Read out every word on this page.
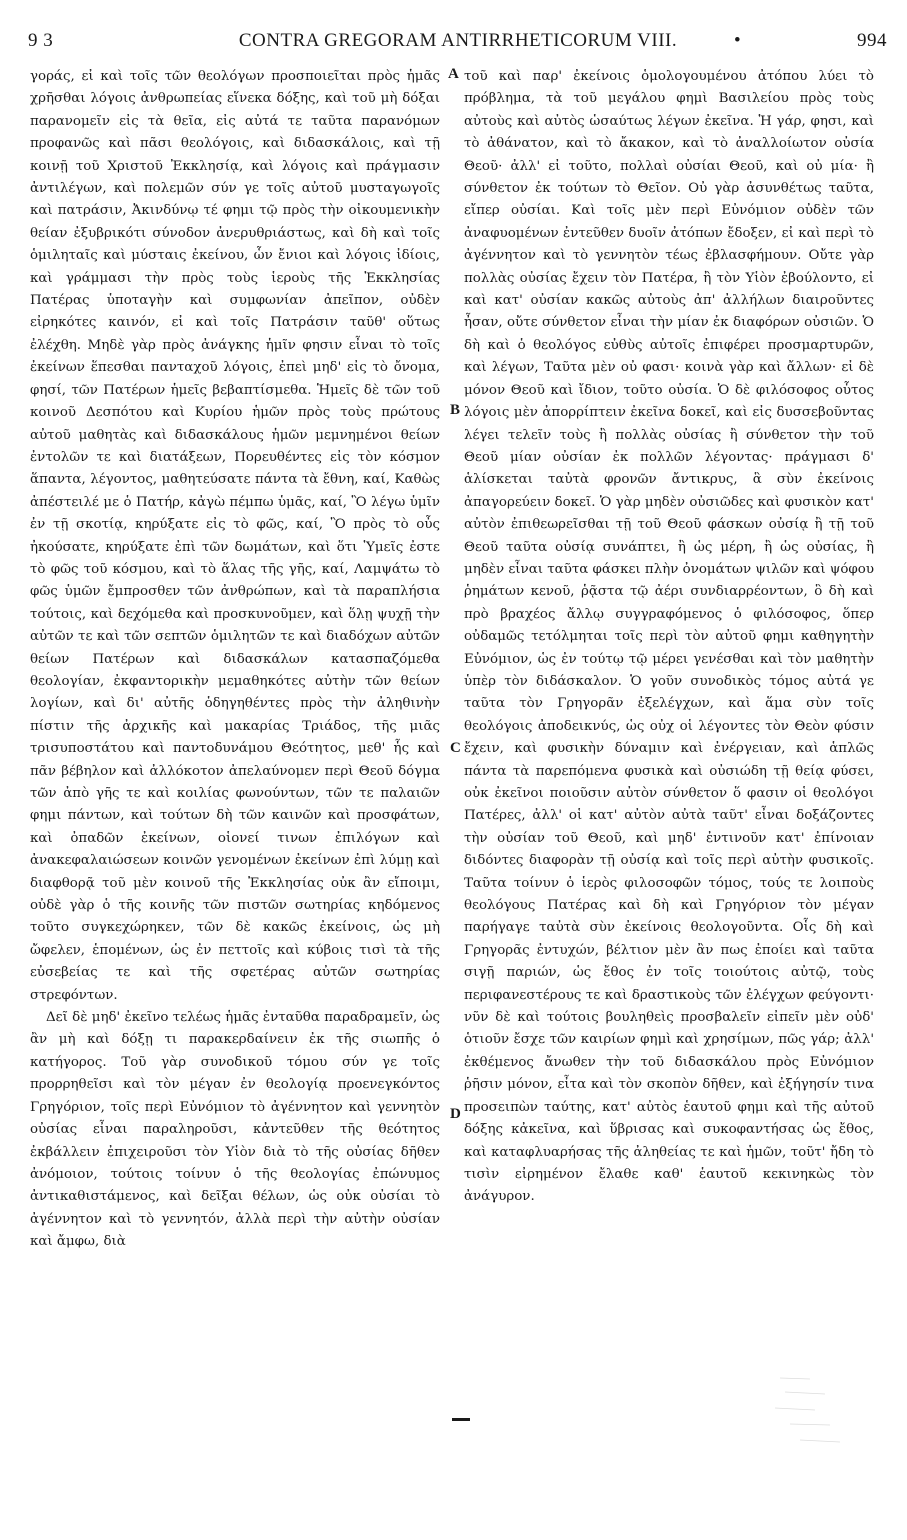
9 3	CONTRA GREGORAM ANTIRRHETICORUM VIII.	•	994

γοράς, εἰ καὶ τοῖς τῶν θεολόγων προσποιεῖται πρὸς ἡμᾶς χρῆσθαι λόγοις ἀνθρωπείας εἵνεκα δόξης, καὶ τοῦ μὴ δόξαι παρανομεῖν εἰς τὰ θεῖα, εἰς αὐτά τε ταῦτα παρανόμων προφανῶς καὶ πᾶσι θεολόγοις, καὶ διδασκάλοις, καὶ τῇ κοινῇ τοῦ Χριστοῦ Ἐκκλησίᾳ, καὶ λόγοις καὶ πράγμασιν ἀντιλέγων, καὶ πολεμῶν σύν γε τοῖς αὐτοῦ μυσταγωγοῖς καὶ πατράσιν, Ἀκινδύνῳ τέ φημι τῷ πρὸς τὴν οἰκουμενικὴν θείαν ἐξυβρικότι σύνοδον ἀνερυθριάστως, καὶ δὴ καὶ τοῖς ὁμιληταῖς καὶ μύσταις ἐκείνου, ὧν ἔνιοι καὶ λόγοις ἰδίοις, καὶ γράμμασι τὴν πρὸς τοὺς ἱεροὺς τῆς Ἐκκλησίας Πατέρας ὑποταγὴν καὶ συμφωνίαν ἀπεῖπον, οὐδὲν εἰρηκότες καινόν, εἰ καὶ τοῖς Πατράσιν ταῦθ' οὕτως ἐλέχθη. Μηδὲ γὰρ πρὸς ἀνάγκης ἡμῖν φησιν εἶναι τὸ τοῖς ἐκείνων ἕπεσθαι πανταχοῦ λόγοις, ἐπεὶ μηδ' εἰς τὸ ὄνομα, φησί, τῶν Πατέρων ἡμεῖς βεβαπτίσμεθα. Ἡμεῖς δὲ τῶν τοῦ κοινοῦ Δεσπότου καὶ Κυρίου ἡμῶν πρὸς τοὺς πρώτους αὐτοῦ μαθητὰς καὶ διδασκάλους ἡμῶν μεμνημένοι θείων ἐντολῶν τε καὶ διατάξεων, Πορευθέντες εἰς τὸν κόσμον ἅπαντα, λέγοντος, μαθητεύσατε πάντα τὰ ἔθνη, καί, Καθὼς ἀπέστειλέ με ὁ Πατήρ, κἀγὼ πέμπω ὑμᾶς, καί, Ὃ λέγω ὑμῖν ἐν τῇ σκοτίᾳ, κηρύξατε εἰς τὸ φῶς, καί, Ὃ πρὸς τὸ οὖς ἠκούσατε, κηρύξατε ἐπὶ τῶν δωμάτων, καὶ ὅτι Ὑμεῖς ἐστε τὸ φῶς τοῦ κόσμου, καὶ τὸ ἅλας τῆς γῆς, καί, Λαμψάτω τὸ φῶς ὑμῶν ἔμπροσθεν τῶν ἀνθρώπων, καὶ τὰ παραπλήσια τούτοις, καὶ δεχόμεθα καὶ προσκυνοῦμεν, καὶ ὅλῃ ψυχῇ τὴν αὐτῶν τε καὶ τῶν σεπτῶν ὁμιλητῶν τε καὶ διαδόχων αὐτῶν θείων Πατέρων καὶ διδασκάλων κατασπαζόμεθα θεολογίαν, ἐκφαντορικὴν μεμαθηκότες αὐτὴν τῶν θείων λογίων, καὶ δι' αὐτῆς ὁδηγηθέντες πρὸς τὴν ἀληθινὴν πίστιν τῆς ἀρχικῆς καὶ μακαρίας Τριάδος, τῆς μιᾶς τρισυποστάτου καὶ παντοδυνάμου Θεότητος, μεθ' ἧς καὶ πᾶν βέβηλον καὶ ἀλλόκοτον ἀπελαύνομεν περὶ Θεοῦ δόγμα τῶν ἀπὸ γῆς τε καὶ κοιλίας φωνούντων, τῶν τε παλαιῶν φημι πάντων, καὶ τούτων δὴ τῶν καινῶν καὶ προσφάτων, καὶ ὀπαδῶν ἐκείνων, οἱονεί τινων ἐπιλόγων καὶ ἀνακεφαλαιώσεων κοινῶν γενομένων ἐκείνων ἐπὶ λύμῃ καὶ διαφθορᾷ τοῦ μὲν κοινοῦ τῆς Ἐκκλησίας οὐκ ἂν εἴποιμι, οὐδὲ γὰρ ὁ τῆς κοινῆς τῶν πιστῶν σωτηρίας κηδόμενος τοῦτο συγκεχώρηκεν, τῶν δὲ κακῶς ἐκείνοις, ὡς μὴ ὤφελεν, ἑπομένων, ὡς ἐν πεττοῖς καὶ κύβοις τισὶ τὰ τῆς εὐσεβείας τε καὶ τῆς σφετέρας αὐτῶν σωτηρίας στρεφόντων.

Δεῖ δὲ μηδ' ἐκεῖνο τελέως ἡμᾶς ἐνταῦθα παραδραμεῖν, ὡς ἂν μὴ καὶ δόξῃ τι παρακερδαίνειν ἐκ τῆς σιωπῆς ὁ κατήγορος. Τοῦ γὰρ συνοδικοῦ τόμου σύν γε τοῖς προρρηθεῖσι καὶ τὸν μέγαν ἐν θεολογίᾳ προενεγκόντος Γρηγόριον, τοῖς περὶ Εὐνόμιον τὸ ἀγέννητον καὶ γεννητὸν οὐσίας εἶναι παραληροῦσι, κἀντεῦθεν τῆς θεότητος ἐκβάλλειν ἐπιχειροῦσι τὸν Υἱὸν διὰ τὸ τῆς οὐσίας δῆθεν ἀνόμοιον, τούτοις τοίνυν ὁ τῆς θεολογίας ἐπώνυμος ἀντικαθιστάμενος, καὶ δεῖξαι θέλων, ὡς οὐκ οὐσίαι τὸ ἀγέννητον καὶ τὸ γεννητόν, ἀλλὰ περὶ τὴν αὐτὴν οὐσίαν καὶ ἄμφω, διὰ

A
B
C
D

τοῦ καὶ παρ' ἐκείνοις ὁμολογουμένου ἀτόπου λύει τὸ πρόβλημα, τὰ τοῦ μεγάλου φημὶ Βασιλείου πρὸς τοὺς αὐτοὺς καὶ αὐτὸς ὡσαύτως λέγων ἐκεῖνα. Ἡ γάρ, φησι, καὶ τὸ ἀθάνατον, καὶ τὸ ἄκακον, καὶ τὸ ἀναλλοίωτον οὐσία Θεοῦ· ἀλλ' εἰ τοῦτο, πολλαὶ οὐσίαι Θεοῦ, καὶ οὐ μία· ἢ σύνθετον ἐκ τούτων τὸ Θεῖον. Οὐ γὰρ ἀσυνθέτως ταῦτα, εἴπερ οὐσίαι. Καὶ τοῖς μὲν περὶ Εὐνόμιον οὐδὲν τῶν ἀναφυομένων ἐντεῦθεν δυοῖν ἀτόπων ἔδοξεν, εἰ καὶ περὶ τὸ ἀγέννητον καὶ τὸ γεννητὸν τέως ἐβλασφήμουν. Οὔτε γὰρ πολλὰς οὐσίας ἔχειν τὸν Πατέρα, ἢ τὸν Υἱὸν ἐβούλοντο, εἰ καὶ κατ' οὐσίαν κακῶς αὐτοὺς ἀπ' ἀλλήλων διαιροῦντες ἦσαν, οὔτε σύνθετον εἶναι τὴν μίαν ἐκ διαφόρων οὐσιῶν. Ὁ δὴ καὶ ὁ θεολόγος εὐθὺς αὐτοῖς ἐπιφέρει προσμαρτυρῶν, καὶ λέγων, Ταῦτα μὲν οὐ φασι· κοινὰ γὰρ καὶ ἄλλων· εἰ δὲ μόνον Θεοῦ καὶ ἴδιον, τοῦτο οὐσία. Ὁ δὲ φιλόσοφος οὗτος λόγοις μὲν ἀπορρίπτειν ἐκεῖνα δοκεῖ, καὶ εἰς δυσσεβοῦντας λέγει τελεῖν τοὺς ἢ πολλὰς οὐσίας ἢ σύνθετον τὴν τοῦ Θεοῦ μίαν οὐσίαν ἐκ πολλῶν λέγοντας· πράγμασι δ' ἁλίσκεται ταὐτὰ φρονῶν ἄντικρυς, ἃ σὺν ἐκείνοις ἀπαγορεύειν δοκεῖ. Ὁ γὰρ μηδὲν οὐσιῶδες καὶ φυσικὸν κατ' αὐτὸν ἐπιθεωρεῖσθαι τῇ τοῦ Θεοῦ φάσκων οὐσίᾳ ἢ τῇ τοῦ Θεοῦ ταῦτα οὐσίᾳ συνάπτει, ἢ ὡς μέρη, ἢ ὡς οὐσίας, ἢ μηδὲν εἶναι ταῦτα φάσκει πλὴν ὀνομάτων ψιλῶν καὶ ψόφου ῥημάτων κενοῦ, ῥᾷστα τῷ ἀέρι συνδιαρρέοντων, ὃ δὴ καὶ πρὸ βραχέος ἄλλῳ συγγραφόμενος ὁ φιλόσοφος, ὅπερ οὐδαμῶς τετόλμηται τοῖς περὶ τὸν αὐτοῦ φημι καθηγητὴν Εὐνόμιον, ὡς ἐν τούτῳ τῷ μέρει γενέσθαι καὶ τὸν μαθητὴν ὑπὲρ τὸν διδάσκαλον. Ὁ γοῦν συνοδικὸς τόμος αὐτά γε ταῦτα τὸν Γρηγορᾶν ἐξελέγχων, καὶ ἅμα σὺν τοῖς θεολόγοις ἀποδεικνύς, ὡς οὐχ οἱ λέγοντες τὸν Θεὸν φύσιν ἔχειν, καὶ φυσικὴν δύναμιν καὶ ἐνέργειαν, καὶ ἁπλῶς πάντα τὰ παρεπόμενα φυσικὰ καὶ οὐσιώδη τῇ θείᾳ φύσει, οὐκ ἐκεῖνοι ποιοῦσιν αὐτὸν σύνθετον ὅ φασιν οἱ θεολόγοι Πατέρες, ἀλλ' οἱ κατ' αὐτὸν αὐτὰ ταῦτ' εἶναι δοξάζοντες τὴν οὐσίαν τοῦ Θεοῦ, καὶ μηδ' ἐντινοῦν κατ' ἐπίνοιαν διδόντες διαφορὰν τῇ οὐσίᾳ καὶ τοῖς περὶ αὐτὴν φυσικοῖς. Ταῦτα τοίνυν ὁ ἱερὸς φιλοσοφῶν τόμος, τούς τε λοιποὺς θεολόγους Πατέρας καὶ δὴ καὶ Γρηγόριον τὸν μέγαν παρήγαγε ταὐτὰ σὺν ἐκείνοις θεολογοῦντα. Οἷς δὴ καὶ Γρηγορᾶς ἐντυχών, βέλτιον μὲν ἂν πως ἐποίει καὶ ταῦτα σιγῇ παριών, ὡς ἔθος ἐν τοῖς τοιούτοις αὐτῷ, τοὺς περιφανεστέρους τε καὶ δραστικοὺς τῶν ἐλέγχων φεύγοντι· νῦν δὲ καὶ τούτοις βουληθεὶς προσβαλεῖν εἰπεῖν μὲν οὐδ' ὁτιοῦν ἔσχε τῶν καιρίων φημὶ καὶ χρησίμων, πῶς γάρ; ἀλλ' ἐκθέμενος ἄνωθεν τὴν τοῦ διδασκάλου πρὸς Εὐνόμιον ῥῆσιν μόνον, εἶτα καὶ τὸν σκοπὸν δῆθεν, καὶ ἐξήγησίν τινα προσειπὼν ταύτης, κατ' αὐτὸς ἑαυτοῦ φημι καὶ τῆς αὐτοῦ δόξης κἀκεῖνα, καὶ ὕβρισας καὶ συκοφαντήσας ὡς ἔθος, καὶ καταφλυαρήσας τῆς ἀληθείας τε καὶ ἡμῶν, τοῦτ' ἤδη τὸ τισὶν εἰρημένον ἔλαθε καθ' ἑαυτοῦ κεκινηκὼς τὸν ἀνάγυρον.
